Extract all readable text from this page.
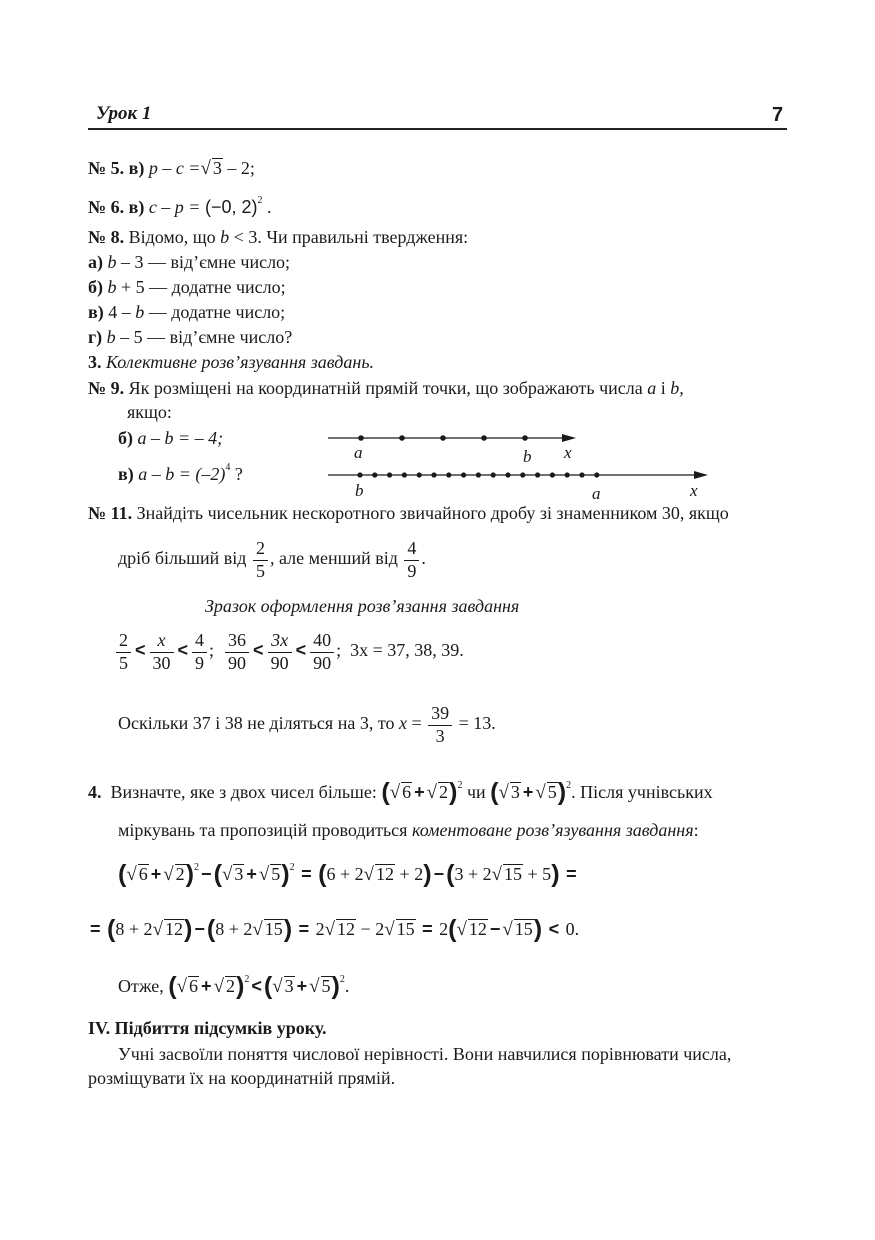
Урок 1	7
№ 5. в) p – c =√ 3 – 2;
№ 6. в) c – p = (−0, 2)$^2$ .
№ 8. Відомо, що b < 3. Чи правильні твердження:
а) b – 3 — від’ємне число;
б) b + 5 — додатне число;
в) 4 – b — додатне число;
г) b – 5 — від’ємне число?
3. Колективне розв’язування завдань.
№ 9. Як розміщені на координатній прямій точки, що зображають числа a і b,
якщо:
б) a – b = – 4;
в) $a - b = (-2)^4$ ?
a	b x
b	a	x
№ 11. Знайдіть чисельник нескоротного звичайного дробу зі знаменником 30, якщо
дріб більший від $\frac{2}{5}$ , але менший від $\frac{4}{9}$ .
Зразок оформлення розв’язання завдання
$\frac{2}{5} < \frac{x}{30} < \frac{4}{9}$ ; $\frac{36}{90} < \frac{3x}{90} < \frac{40}{90}$ ; 3x = 37, 38, 39.
Оскільки 37 і 38 не діляться на 3, то $x = \frac{39}{3} = 13$.
4. Визначте, яке з двох чисел більше: (√ 6 + √ 2)$^2$ чи (√ 3 + √ 5)$^2$. Після учнівських
міркувань та пропозицій проводиться коментоване розв’язування завдання:
(√ 6 + √ 2)$^2$ −(√ 3 + √ 5)$^2$ = (6 + 2√ 12 + 2) −(3 + 2√ 15 + 5) =
= (8 + 2√ 12) −(8 + 2√ 15) = 2√ 12 − 2√ 15 = 2(√ 12 − √ 15) < 0.
Отже, (√ 6 + √ 2)$^2$ <(√ 3 + √ 5)$^2$.
IV. Підбиття підсумків уроку.
Учні засвоїли поняття числової нерівності. Вони навчилися порівнювати числа,
розміщувати їх на координатній прямій.
